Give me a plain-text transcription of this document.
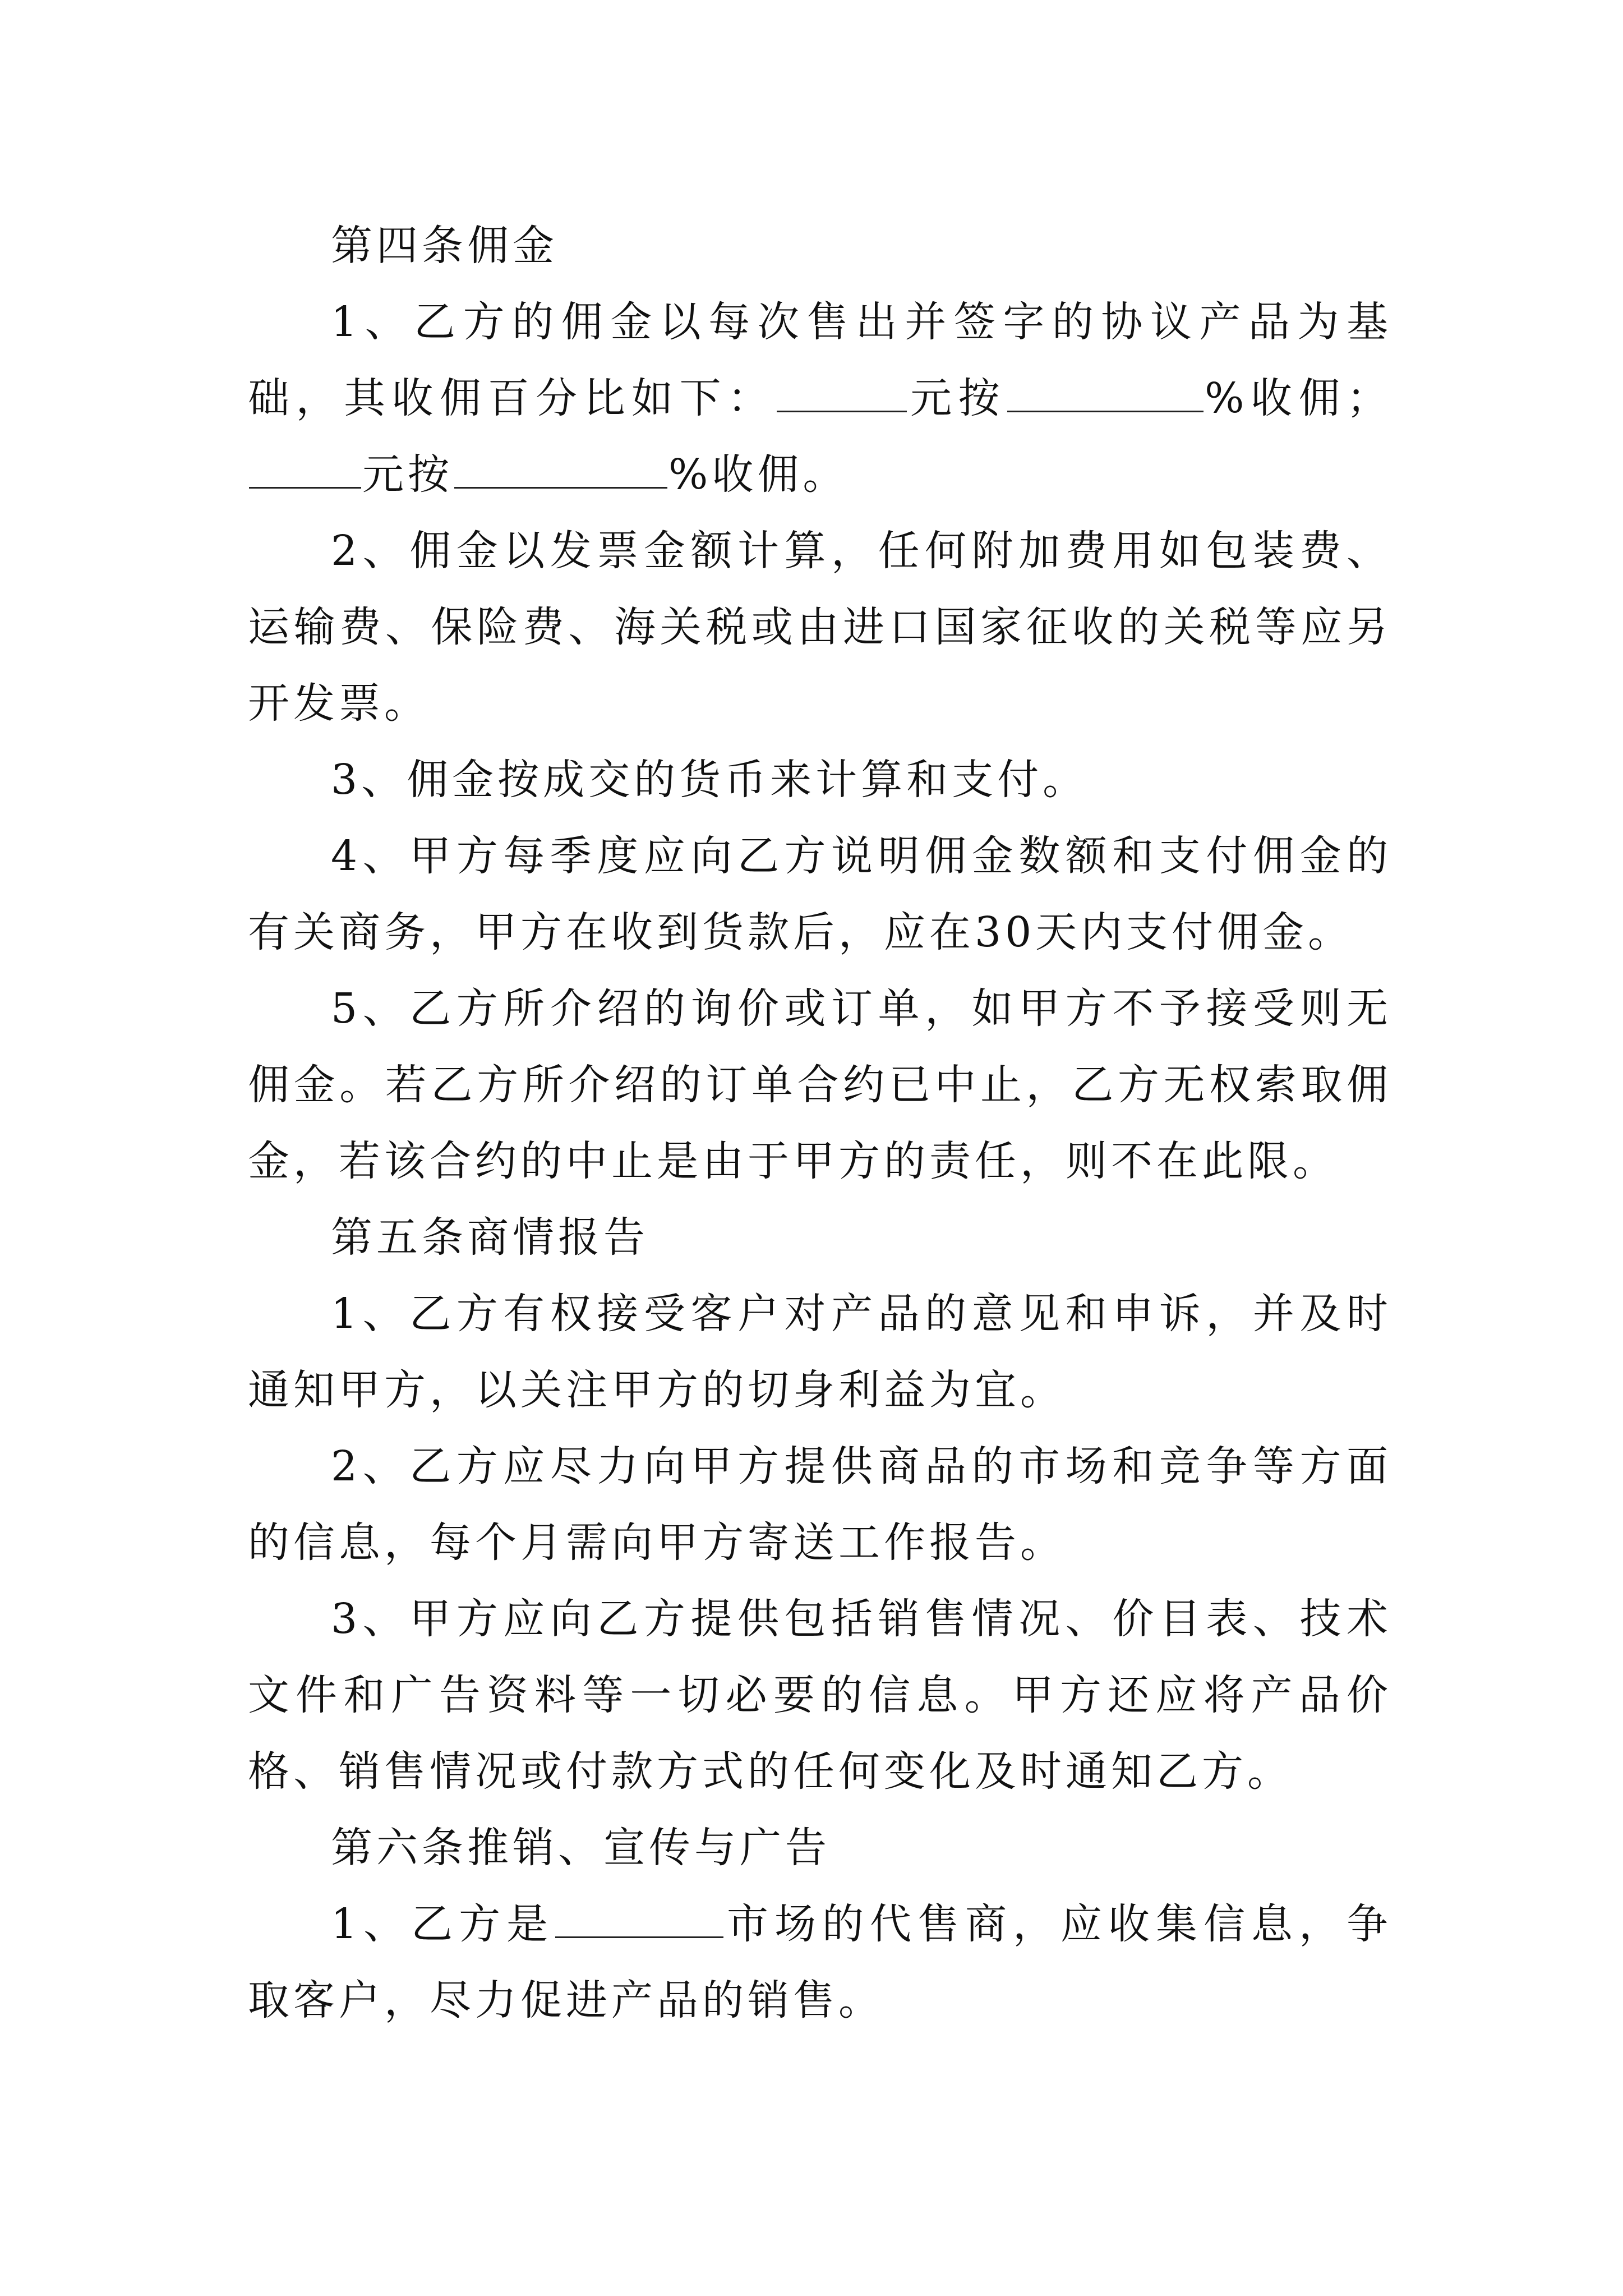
第四条佣金

1、乙方的佣金以每次售出并签字的协议产品为基础，其收佣百分比如下：	元按	%收佣；元按	%收佣。

2、佣金以发票金额计算，任何附加费用如包装费、运输费、保险费、海关税或由进口国家征收的关税等应另开发票。

3、佣金按成交的货币来计算和支付。

4、甲方每季度应向乙方说明佣金数额和支付佣金的有关商务，甲方在收到货款后，应在30天内支付佣金。

5、乙方所介绍的询价或订单，如甲方不予接受则无佣金。若乙方所介绍的订单合约已中止，乙方无权索取佣金，若该合约的中止是由于甲方的责任，则不在此限。

第五条商情报告

1、乙方有权接受客户对产品的意见和申诉，并及时通知甲方，以关注甲方的切身利益为宜。

2、乙方应尽力向甲方提供商品的市场和竞争等方面的信息，每个月需向甲方寄送工作报告。

3、甲方应向乙方提供包括销售情况、价目表、技术文件和广告资料等一切必要的信息。甲方还应将产品价格、销售情况或付款方式的任何变化及时通知乙方。

第六条推销、宣传与广告

1、乙方是	市场的代售商，应收集信息，争取客户，尽力促进产品的销售。
